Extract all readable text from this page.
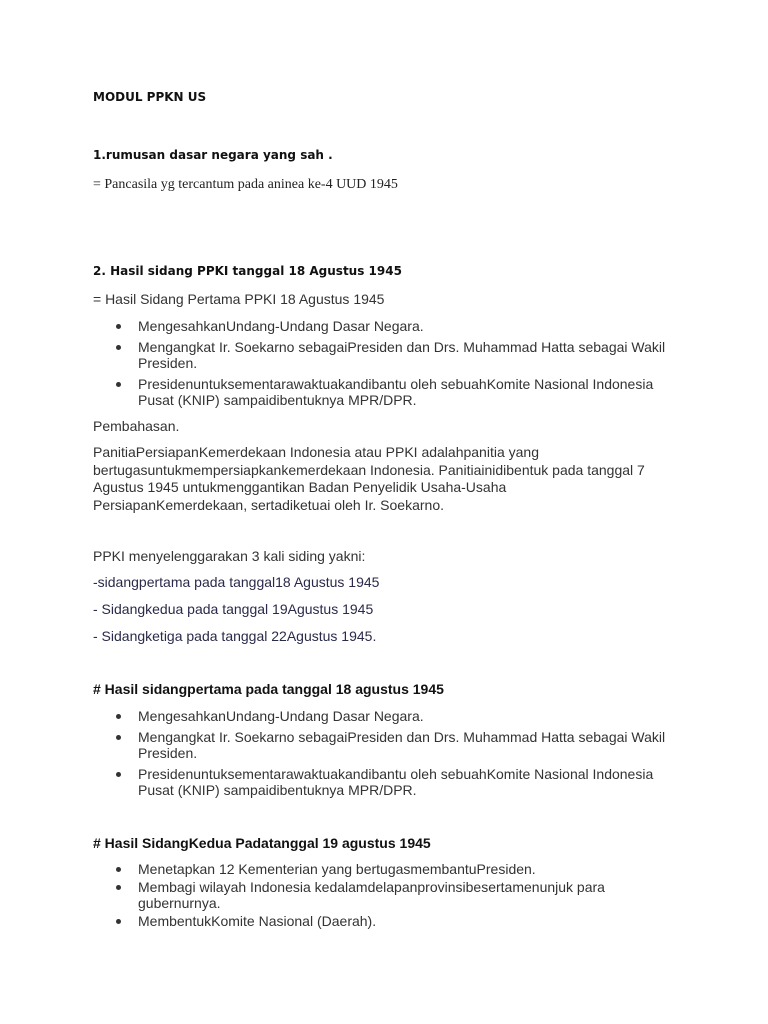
MODUL PPKN US
1.rumusan dasar negara yang sah .
= Pancasila yg tercantum pada aninea ke-4 UUD 1945
2. Hasil sidang PPKI tanggal 18 Agustus 1945
= Hasil Sidang Pertama PPKI 18 Agustus 1945
MengesahkanUndang-Undang Dasar Negara.
Mengangkat Ir. Soekarno sebagaiPresiden dan Drs. Muhammad Hatta sebagai Wakil Presiden.
Presidenuntuksementarawaktuakandibantu oleh sebuahKomite Nasional Indonesia Pusat (KNIP) sampaidibentuknya MPR/DPR.
Pembahasan.
PanitiaPersiapanKemerdekaan Indonesia atau PPKI adalahpanitia yang bertugasuntukmempersiapkankemerdekaan Indonesia. Panitiainidibentuk pada tanggal 7 Agustus 1945 untukmenggantikan Badan Penyelidik Usaha-Usaha PersiapanKemerdekaan, sertadiketuai oleh Ir. Soekarno.
PPKI menyelenggarakan 3 kali siding yakni:
-sidangpertama pada tanggal18 Agustus 1945
- Sidangkedua pada tanggal 19Agustus 1945
- Sidangketiga pada tanggal 22Agustus 1945.
# Hasil sidangpertama pada tanggal 18 agustus 1945
MengesahkanUndang-Undang Dasar Negara.
Mengangkat Ir. Soekarno sebagaiPresiden dan Drs. Muhammad Hatta sebagai Wakil Presiden.
Presidenuntuksementarawaktuakandibantu oleh sebuahKomite Nasional Indonesia Pusat (KNIP) sampaidibentuknya MPR/DPR.
# Hasil SidangKedua Padatanggal 19 agustus 1945
Menetapkan 12 Kementerian yang bertugasmembantuPresiden.
Membagi wilayah Indonesia kedalamdelapanprovinsibesertamenunjuk para gubernurnya.
MembentukKomite Nasional (Daerah).
